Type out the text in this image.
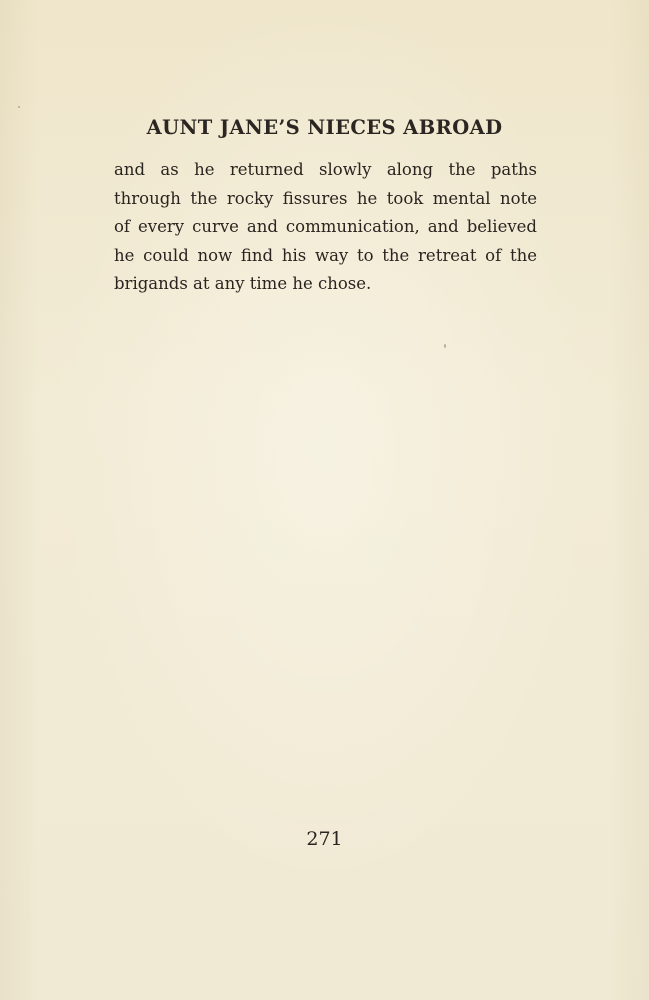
AUNT JANE’S NIECES ABROAD

and as he returned slowly along the paths
through the rocky fissures he took mental note
of every curve and communication, and believed
he could now find his way to the retreat of the
brigands at any time he chose.

271
